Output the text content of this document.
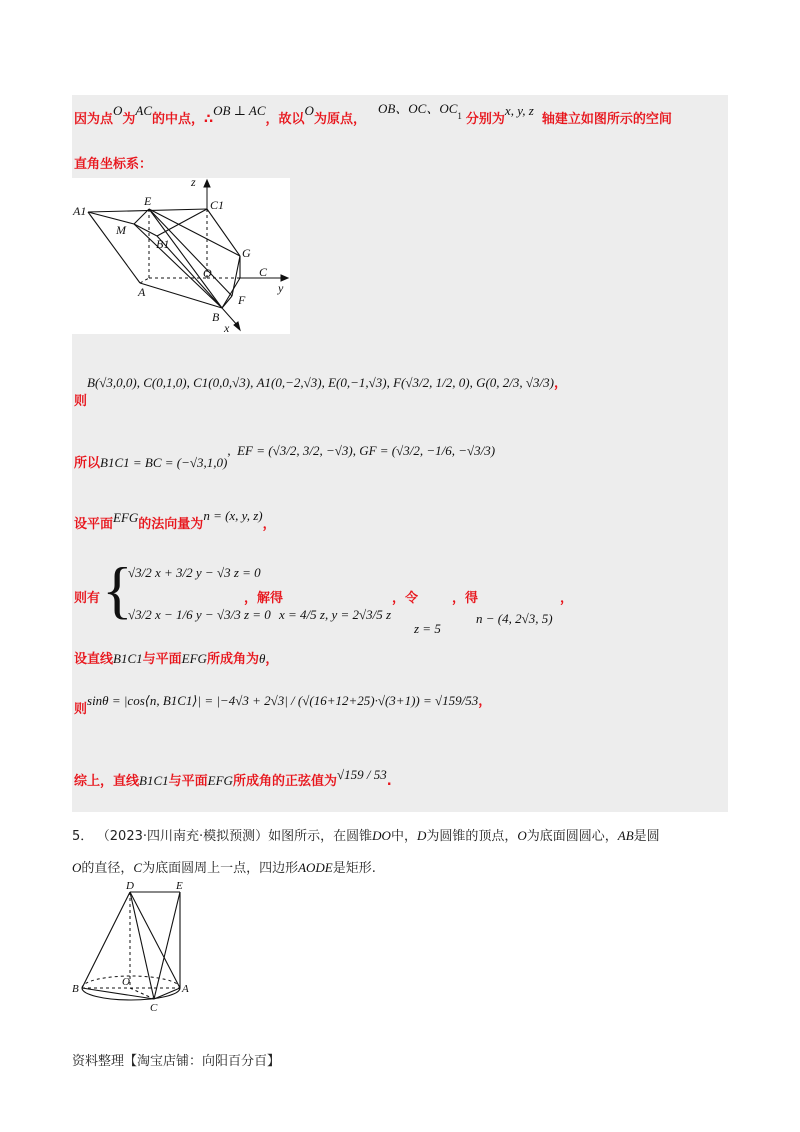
因为点O为AC的中点，∴OB ⊥ AC，故以O为原点，OB、OC、$OC_1$ 分别为x, y, z轴建立如图所示的空间
直角坐标系：
z
E	C1
A1
M
B1
G
O	C
y
A
F
B
x
则B(√3,0,0), C(0,1,0), C1(0,0,√3), A1(0,−2,√3), E(0,−1,√3), F(√3/2, 1/2, 0), G(0, 2/3, √3/3)，
所以B1C1 = BC = (−√3,1,0),  EF = (√3/2, 3/2, −√3), GF = (√3/2, −1/6, −√3/3)
设平面EFG的法向量为n = (x, y, z)，
则有 {
√3/2 x + 3/2 y − √3 z = 0
√3/2 x − 1/6 y − √3/3 z = 0
，解得
x = 4/5 z, y = 2√3/5 z
，令
z = 5
，得
n − (4, 2√3, 5)
，
设直线B1C1与平面EFG所成角为θ，
则sinθ = |cos⟨n, B1C1⟩| = |−4√3 + 2√3| / (√(16+12+25)·√(3+1)) = √159/53，
综上，直线B1C1与平面EFG所成角的正弦值为√159 / 53.
5． （2023·四川南充·模拟预测）如图所示，在圆锥DO中，D为圆锥的顶点，O为底面圆圆心，AB是圆
O的直径，C为底面圆周上一点，四边形AODE是矩形.
D	E
B
O
A
C
资料整理【淘宝店铺：向阳百分百】
